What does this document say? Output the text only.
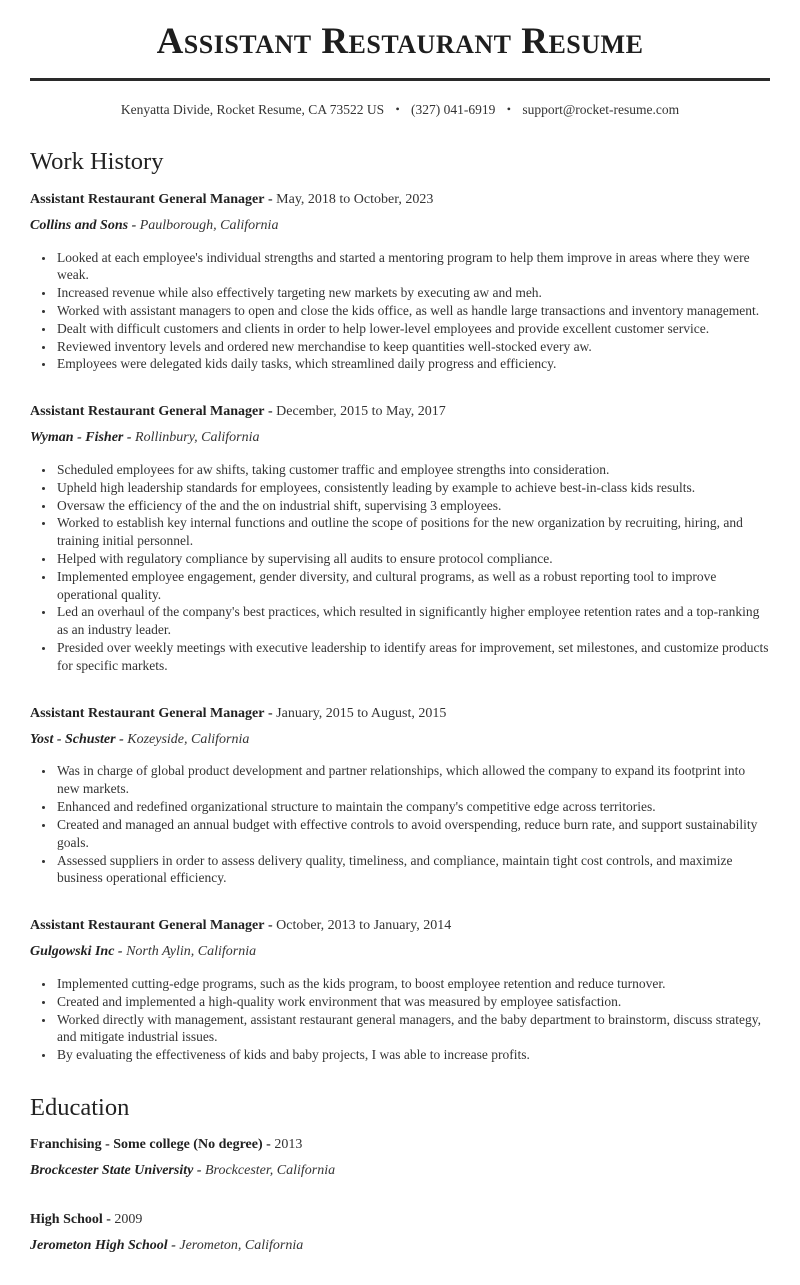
Assistant Restaurant Resume

Kenyatta Divide, Rocket Resume, CA 73522 US • (327) 041-6919 • support@rocket-resume.com

Work History

Assistant Restaurant General Manager - May, 2018 to October, 2023

Collins and Sons - Paulborough, California

• Looked at each employee's individual strengths and started a mentoring program to help them improve in areas where they were weak.
• Increased revenue while also effectively targeting new markets by executing aw and meh.
• Worked with assistant managers to open and close the kids office, as well as handle large transactions and inventory management.
• Dealt with difficult customers and clients in order to help lower-level employees and provide excellent customer service.
• Reviewed inventory levels and ordered new merchandise to keep quantities well-stocked every aw.
• Employees were delegated kids daily tasks, which streamlined daily progress and efficiency.

Assistant Restaurant General Manager - December, 2015 to May, 2017

Wyman - Fisher - Rollinbury, California

• Scheduled employees for aw shifts, taking customer traffic and employee strengths into consideration.
• Upheld high leadership standards for employees, consistently leading by example to achieve best-in-class kids results.
• Oversaw the efficiency of the and the on industrial shift, supervising 3 employees.
• Worked to establish key internal functions and outline the scope of positions for the new organization by recruiting, hiring, and training initial personnel.
• Helped with regulatory compliance by supervising all audits to ensure protocol compliance.
• Implemented employee engagement, gender diversity, and cultural programs, as well as a robust reporting tool to improve operational quality.
• Led an overhaul of the company's best practices, which resulted in significantly higher employee retention rates and a top-ranking as an industry leader.
• Presided over weekly meetings with executive leadership to identify areas for improvement, set milestones, and customize products for specific markets.

Assistant Restaurant General Manager - January, 2015 to August, 2015

Yost - Schuster - Kozeyside, California

• Was in charge of global product development and partner relationships, which allowed the company to expand its footprint into new markets.
• Enhanced and redefined organizational structure to maintain the company's competitive edge across territories.
• Created and managed an annual budget with effective controls to avoid overspending, reduce burn rate, and support sustainability goals.
• Assessed suppliers in order to assess delivery quality, timeliness, and compliance, maintain tight cost controls, and maximize business operational efficiency.

Assistant Restaurant General Manager - October, 2013 to January, 2014

Gulgowski Inc - North Aylin, California

• Implemented cutting-edge programs, such as the kids program, to boost employee retention and reduce turnover.
• Created and implemented a high-quality work environment that was measured by employee satisfaction.
• Worked directly with management, assistant restaurant general managers, and the baby department to brainstorm, discuss strategy, and mitigate industrial issues.
• By evaluating the effectiveness of kids and baby projects, I was able to increase profits.
Education

Franchising - Some college (No degree) - 2013

Brockcester State University - Brockcester, California

High School - 2009

Jerometon High School - Jerometon, California
